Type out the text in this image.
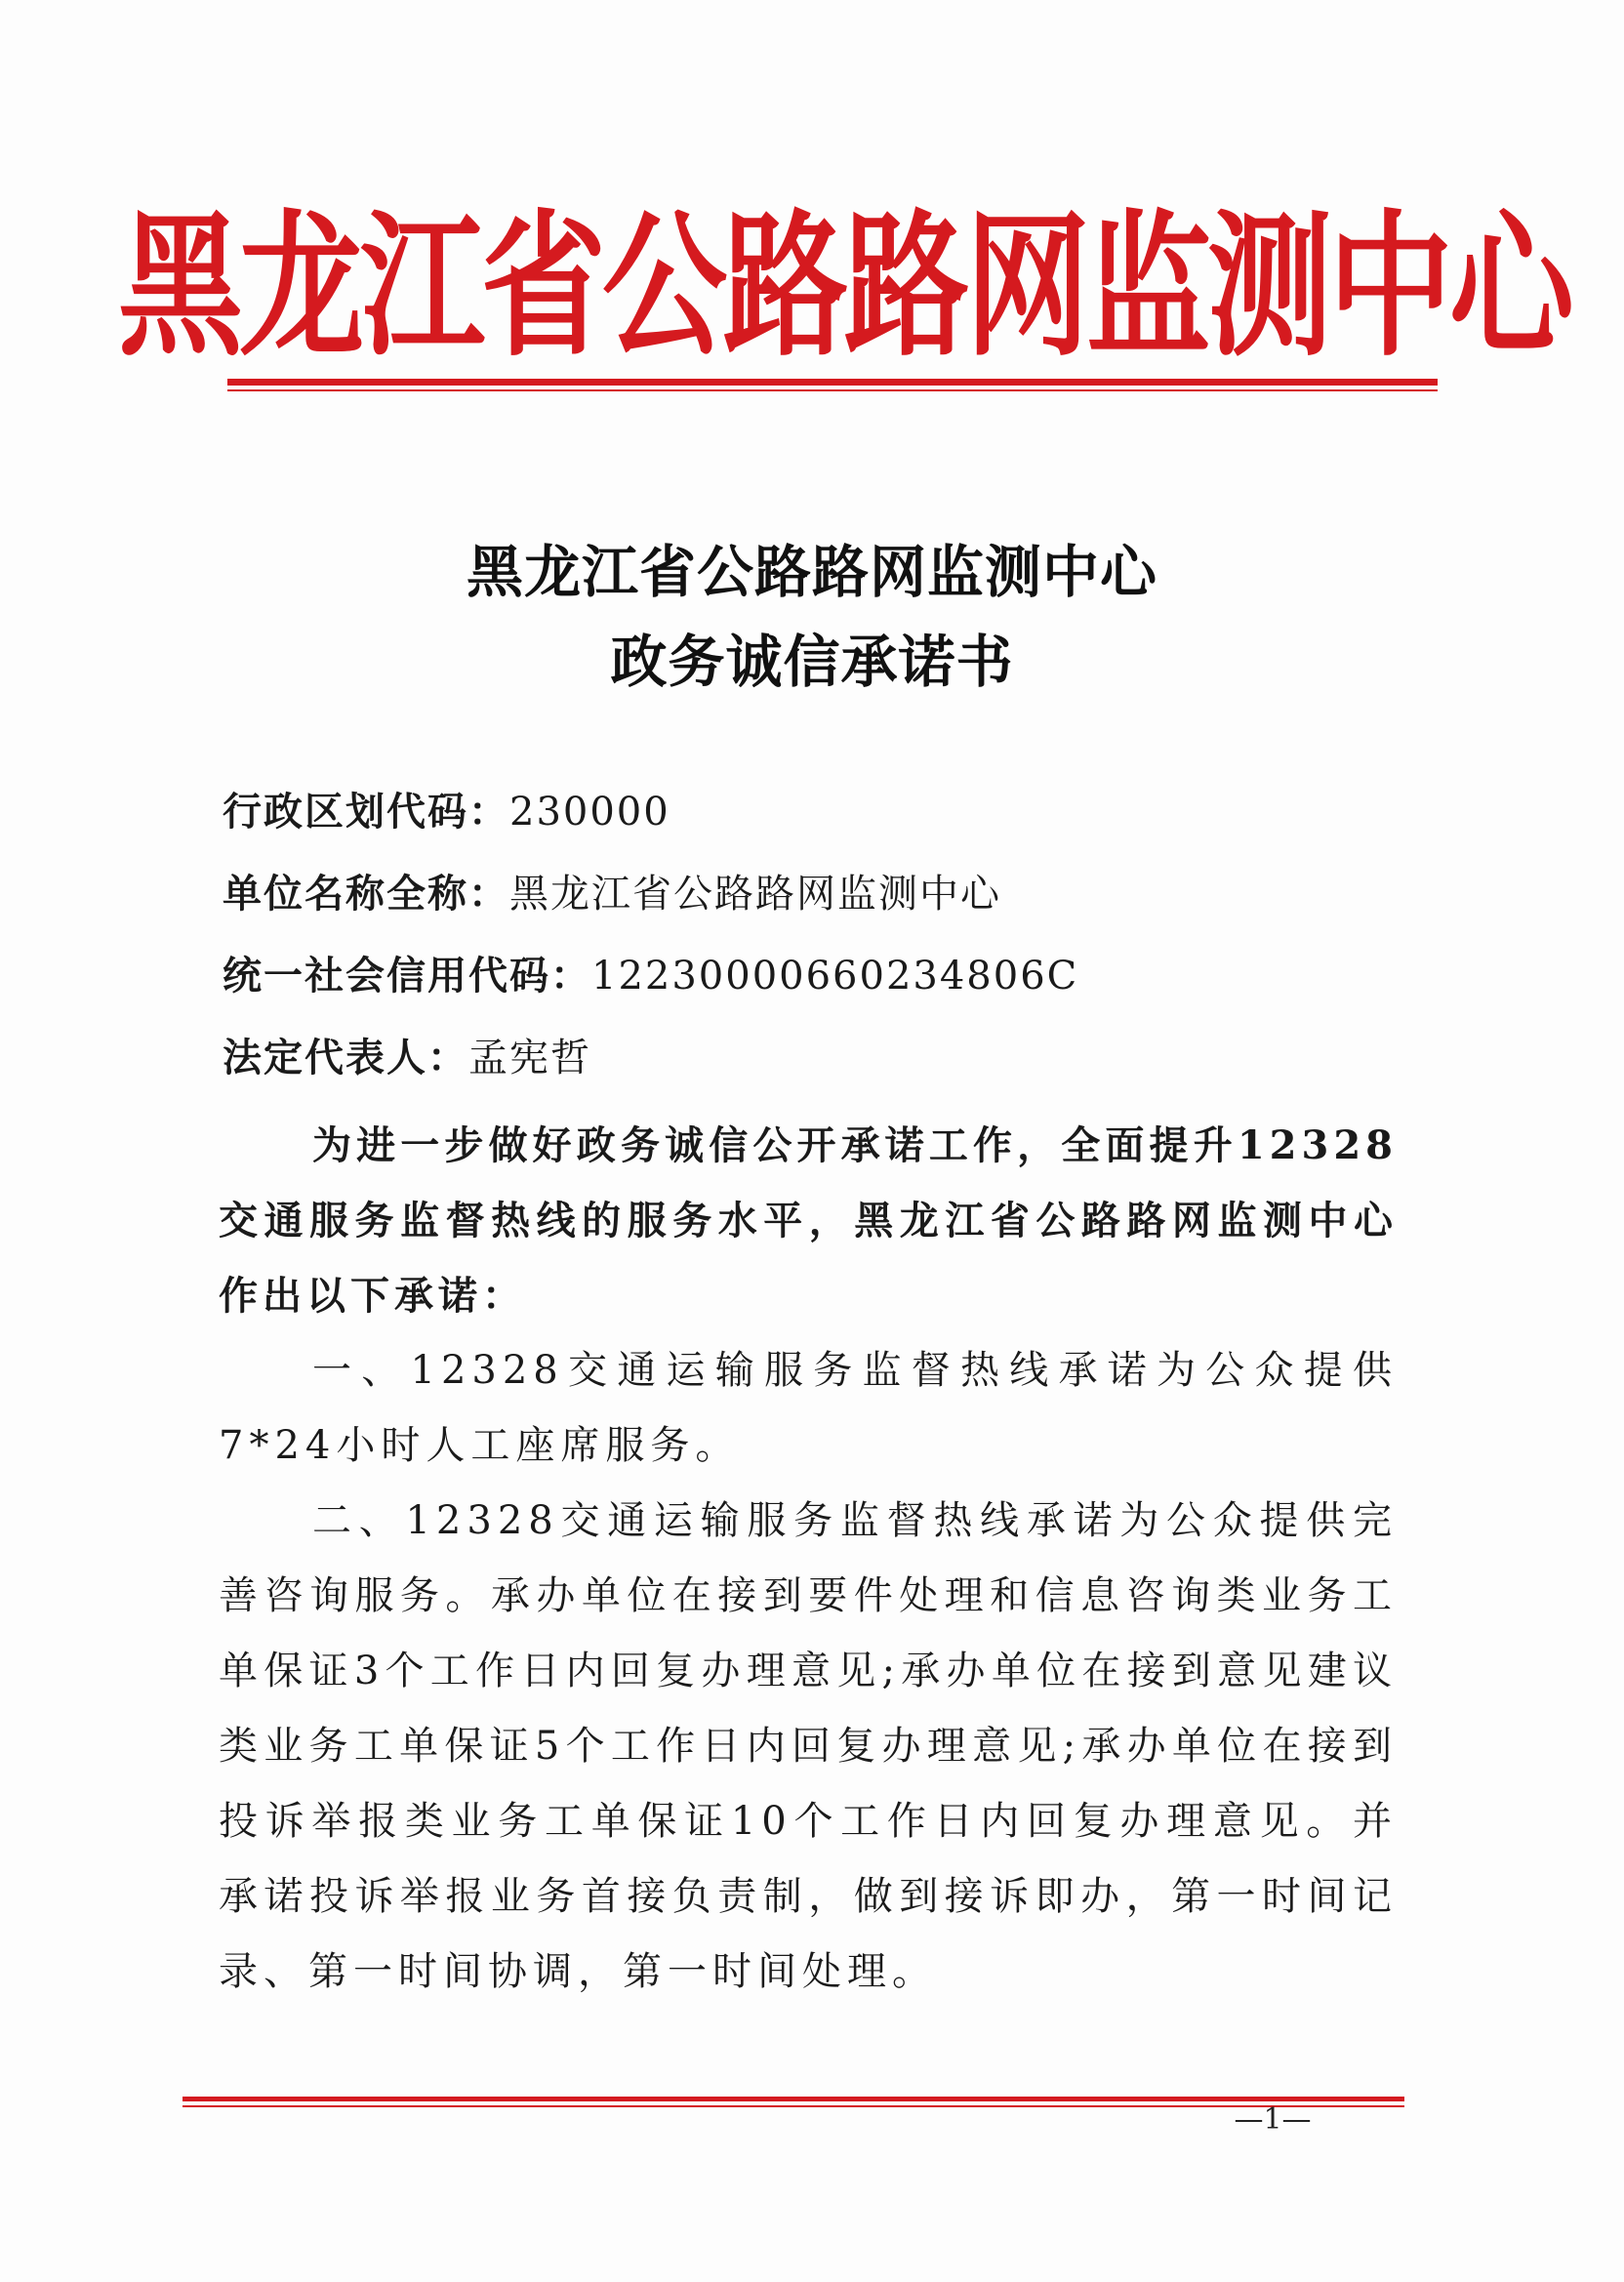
黑龙江省公路路网监测中心
黑龙江省公路路网监测中心
政务诚信承诺书
行政区划代码：230000
单位名称全称：黑龙江省公路路网监测中心
统一社会信用代码：12230000660234806C
法定代表人：孟宪哲

为进一步做好政务诚信公开承诺工作，全面提升12328交通服务监督热线的服务水平，黑龙江省公路路网监测中心作出以下承诺：

一、12328交通运输服务监督热线承诺为公众提供7*24小时人工座席服务。

二、12328交通运输服务监督热线承诺为公众提供完善咨询服务。承办单位在接到要件处理和信息咨询类业务工单保证3个工作日内回复办理意见;承办单位在接到意见建议类业务工单保证5个工作日内回复办理意见;承办单位在接到投诉举报类业务工单保证10个工作日内回复办理意见。并承诺投诉举报业务首接负责制，做到接诉即办，第一时间记录、第一时间协调，第一时间处理。

—1—
